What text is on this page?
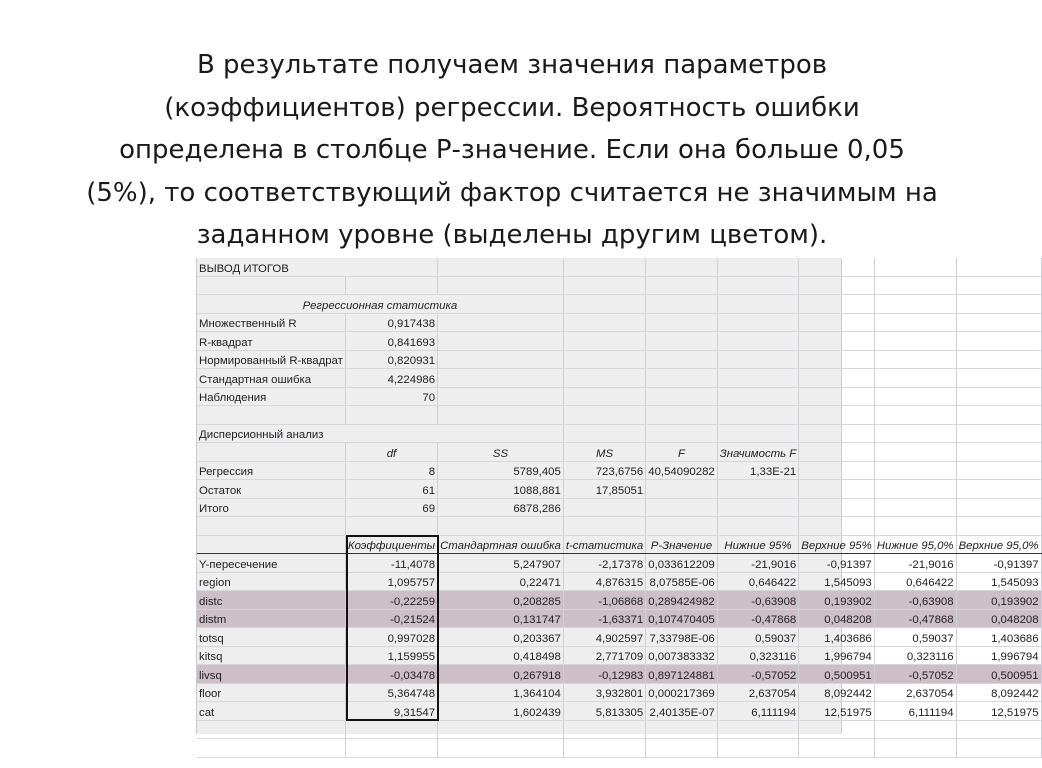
В результате получаем значения параметров
(коэффициентов) регрессии. Вероятность ошибки
определена в столбце Р-значение. Если она больше 0,05
(5%), то соответствующий фактор считается не значимым на
заданном уровне (выделены другим цветом).
ВЫВОД ИТОГОВ								

Регрессионная статистика								
Множественный R	0,917438							
R-квадрат	0,841693							
Нормированный R-квадрат	0,820931							
Стандартная ошибка	4,224986							
Наблюдения	70							

Дисперсионный анализ								
	df	SS	MS	F	Значимость F			
Регрессия	8	5789,405	723,6756	40,54090282	1,33E-21			
Остаток	61	1088,881	17,85051					
Итого	69	6878,286						

	Коэффициенты	Стандартная ошибка	t-статистика	P-Значение	Нижние 95%	Верхние 95%	Нижние 95,0%	Верхние 95,0%
Y-пересечение	-11,4078	5,247907	-2,17378	0,033612209	-21,9016	-0,91397	-21,9016	-0,91397
region	1,095757	0,22471	4,876315	8,07585E-06	0,646422	1,545093	0,646422	1,545093
distc	-0,22259	0,208285	-1,06868	0,289424982	-0,63908	0,193902	-0,63908	0,193902
distm	-0,21524	0,131747	-1,63371	0,107470405	-0,47868	0,048208	-0,47868	0,048208
totsq	0,997028	0,203367	4,902597	7,33798E-06	0,59037	1,403686	0,59037	1,403686
kitsq	1,159955	0,418498	2,771709	0,007383332	0,323116	1,996794	0,323116	1,996794
livsq	-0,03478	0,267918	-0,12983	0,897124881	-0,57052	0,500951	-0,57052	0,500951
floor	5,364748	1,364104	3,932801	0,000217369	2,637054	8,092442	2,637054	8,092442
cat	9,31547	1,602439	5,813305	2,40135E-07	6,111194	12,51975	6,111194	12,51975
